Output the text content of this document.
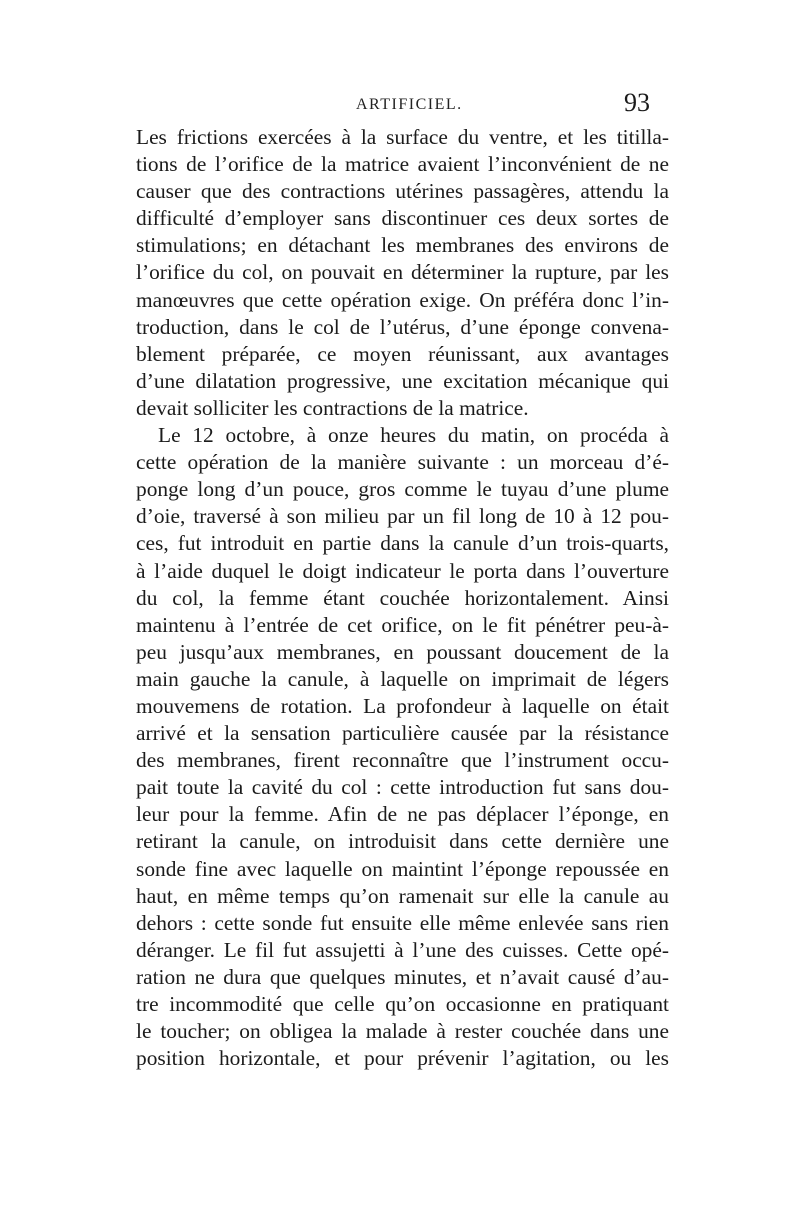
ARTIFICIEL.	93
Les frictions exercées à la surface du ventre, et les titilla-
tions de l’orifice de la matrice avaient l’inconvénient de ne
causer que des contractions utérines passagères, attendu la
difficulté d’employer sans discontinuer ces deux sortes de
stimulations; en détachant les membranes des environs de
l’orifice du col, on pouvait en déterminer la rupture, par les
manœuvres que cette opération exige. On préféra donc l’in-
troduction, dans le col de l’utérus, d’une éponge convena-
blement préparée, ce moyen réunissant, aux avantages
d’une dilatation progressive, une excitation mécanique qui
devait solliciter les contractions de la matrice.
Le 12 octobre, à onze heures du matin, on procéda à
cette opération de la manière suivante : un morceau d’é-
ponge long d’un pouce, gros comme le tuyau d’une plume
d’oie, traversé à son milieu par un fil long de 10 à 12 pou-
ces, fut introduit en partie dans la canule d’un trois-quarts,
à l’aide duquel le doigt indicateur le porta dans l’ouverture
du col, la femme étant couchée horizontalement. Ainsi
maintenu à l’entrée de cet orifice, on le fit pénétrer peu-à-
peu jusqu’aux membranes, en poussant doucement de la
main gauche la canule, à laquelle on imprimait de légers
mouvemens de rotation. La profondeur à laquelle on était
arrivé et la sensation particulière causée par la résistance
des membranes, firent reconnaître que l’instrument occu-
pait toute la cavité du col : cette introduction fut sans dou-
leur pour la femme. Afin de ne pas déplacer l’éponge, en
retirant la canule, on introduisit dans cette dernière une
sonde fine avec laquelle on maintint l’éponge repoussée en
haut, en même temps qu’on ramenait sur elle la canule au
dehors : cette sonde fut ensuite elle même enlevée sans rien
déranger. Le fil fut assujetti à l’une des cuisses. Cette opé-
ration ne dura que quelques minutes, et n’avait causé d’au-
tre incommodité que celle qu’on occasionne en pratiquant
le toucher; on obligea la malade à rester couchée dans une
position horizontale, et pour prévenir l’agitation, ou les
